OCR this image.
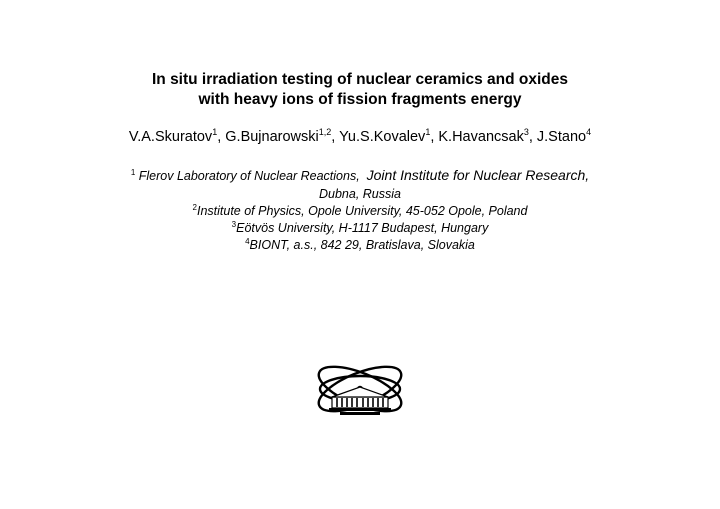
In situ irradiation testing of nuclear ceramics and oxides
with heavy ions of fission fragments energy
V.A.Skuratov$^1$, G.Bujnarowski$^{1,2}$, Yu.S.Kovalev$^1$, K.Havancsak$^3$, J.Stano$^4$
$^1$ Flerov Laboratory of Nuclear Reactions, Joint Institute for Nuclear Research,
Dubna, Russia
$^2$Institute of Physics, Opole University, 45-052 Opole, Poland
$^3$Eötvös University, H-1117 Budapest, Hungary
$^4$BIONT, a.s., 842 29, Bratislava, Slovakia
